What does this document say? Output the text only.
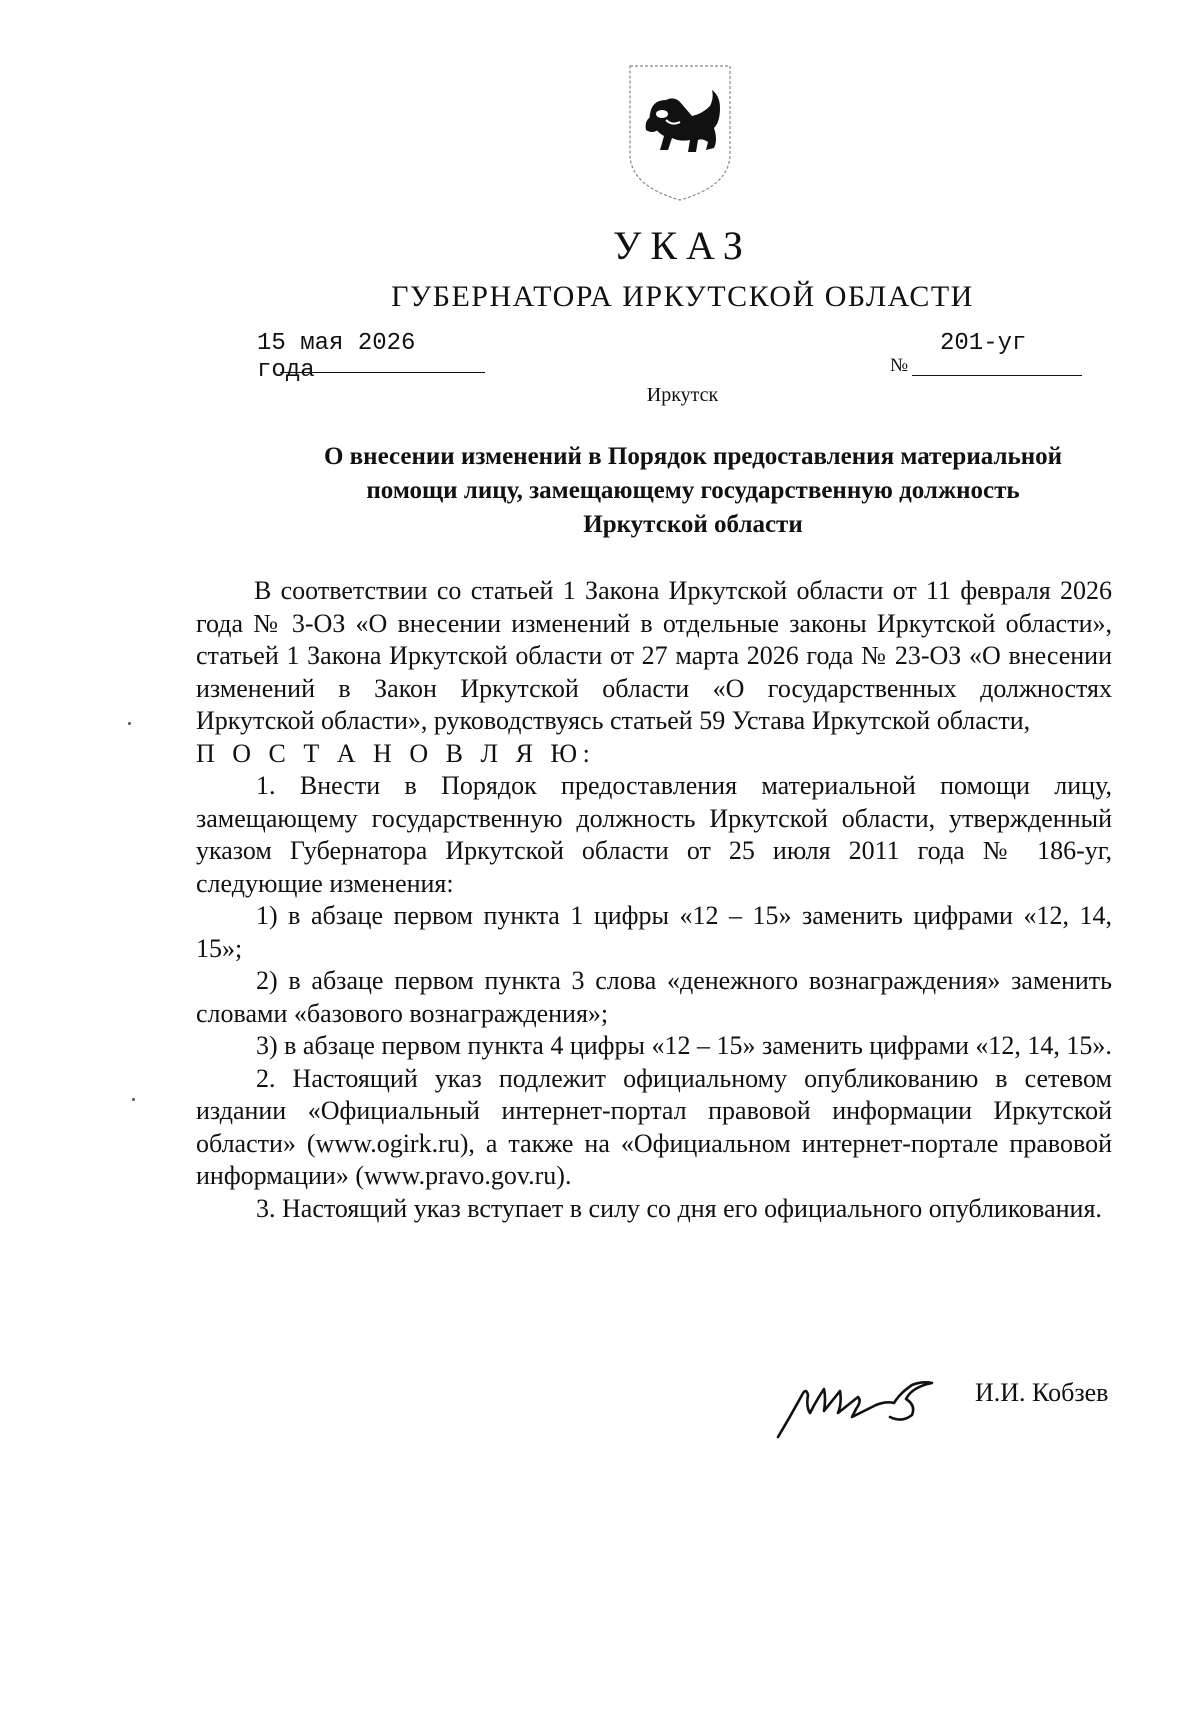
УКАЗ
ГУБЕРНАТОРА ИРКУТСКОЙ ОБЛАСТИ
15 мая 2026 года	№
201-уг
Иркутск
О внесении изменений в Порядок предоставления материальной
помощи лицу, замещающему государственную должность
Иркутской области

В соответствии со статьей 1 Закона Иркутской области от 11 февраля 2026 года № 3-ОЗ «О внесении изменений в отдельные законы Иркутской области», статьей 1 Закона Иркутской области от 27 марта 2026 года № 23-ОЗ «О внесении изменений в Закон Иркутской области «О государственных должностях Иркутской области», руководствуясь статьей 59 Устава Иркутской области,

П О С Т А Н О В Л Я Ю:

1. Внести в Порядок предоставления материальной помощи лицу, замещающему государственную должность Иркутской области, утвержденный указом Губернатора Иркутской области от 25 июля 2011 года № 186-уг, следующие изменения:

1) в абзаце первом пункта 1 цифры «12 – 15» заменить цифрами «12, 14, 15»;

2) в абзаце первом пункта 3 слова «денежного вознаграждения» заменить словами «базового вознаграждения»;

3) в абзаце первом пункта 4 цифры «12 – 15» заменить цифрами «12, 14, 15».

2. Настоящий указ подлежит официальному опубликованию в сетевом издании «Официальный интернет-портал правовой информации Иркутской области» (www.ogirk.ru), а также на «Официальном интернет-портале правовой информации» (www.pravo.gov.ru).

3. Настоящий указ вступает в силу со дня его официального опубликования.

И.И. Кобзев
